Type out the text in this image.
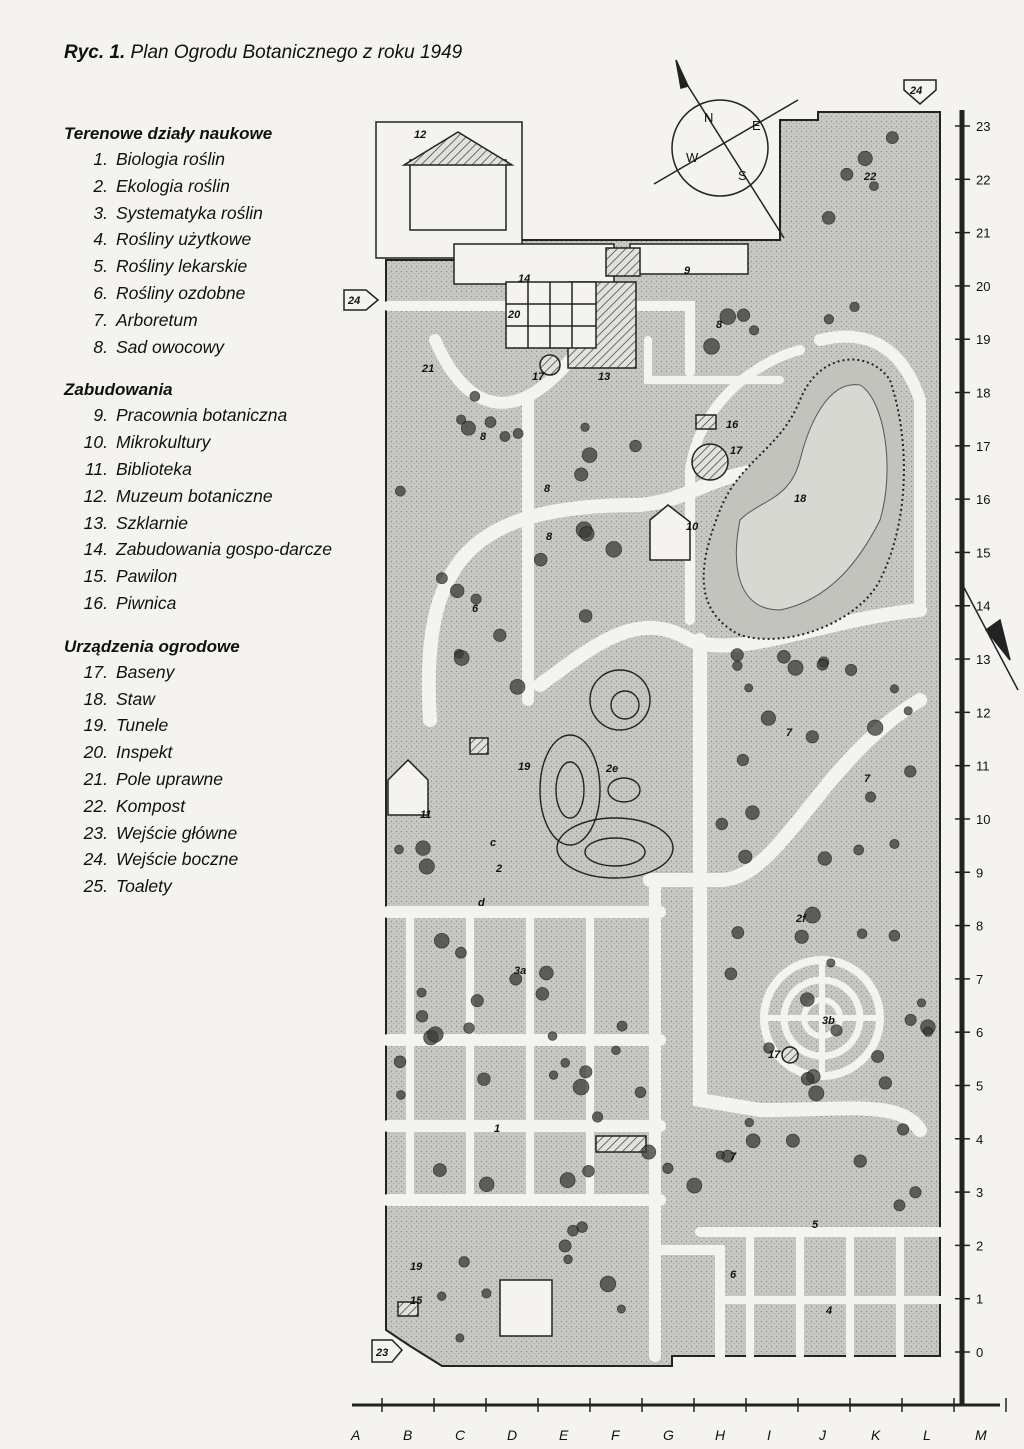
Ryc. 1. Plan Ogrodu Botanicznego z roku 1949
Terenowe działy naukowe
1. Biologia roślin
2. Ekologia roślin
3. Systematyka roślin
4. Rośliny użytkowe
5. Rośliny lekarskie
6. Rośliny ozdobne
7. Arboretum
8. Sad owocowy
Zabudowania
9. Pracownia botaniczna
10. Mikrokultury
11. Biblioteka
12. Muzeum botaniczne
13. Szklarnie
14. Zabudowania gospo-darcze
15. Pawilon
16. Piwnica
Urządzenia ogrodowe
17. Baseny
18. Staw
19. Tunele
20. Inspekt
21. Pole uprawne
22. Kompost
23. Wejście główne
24. Wejście boczne
25. Toalety
N
E
S
W
23
22
21
20
19
18
17
16
15
14
13
12
11
10
9
8
7
6
5
4
3
2
1
0
A	B	C	D	E	F	G	H	I	J	K	L	M
12
14
9
20
13
17
21
8
8
8
8
22
16
17
18
10
6
2e
19
11
c
2
d
7
7
2f
3a
3b
17
1
7
5
6
4
19
15
24
24
23
